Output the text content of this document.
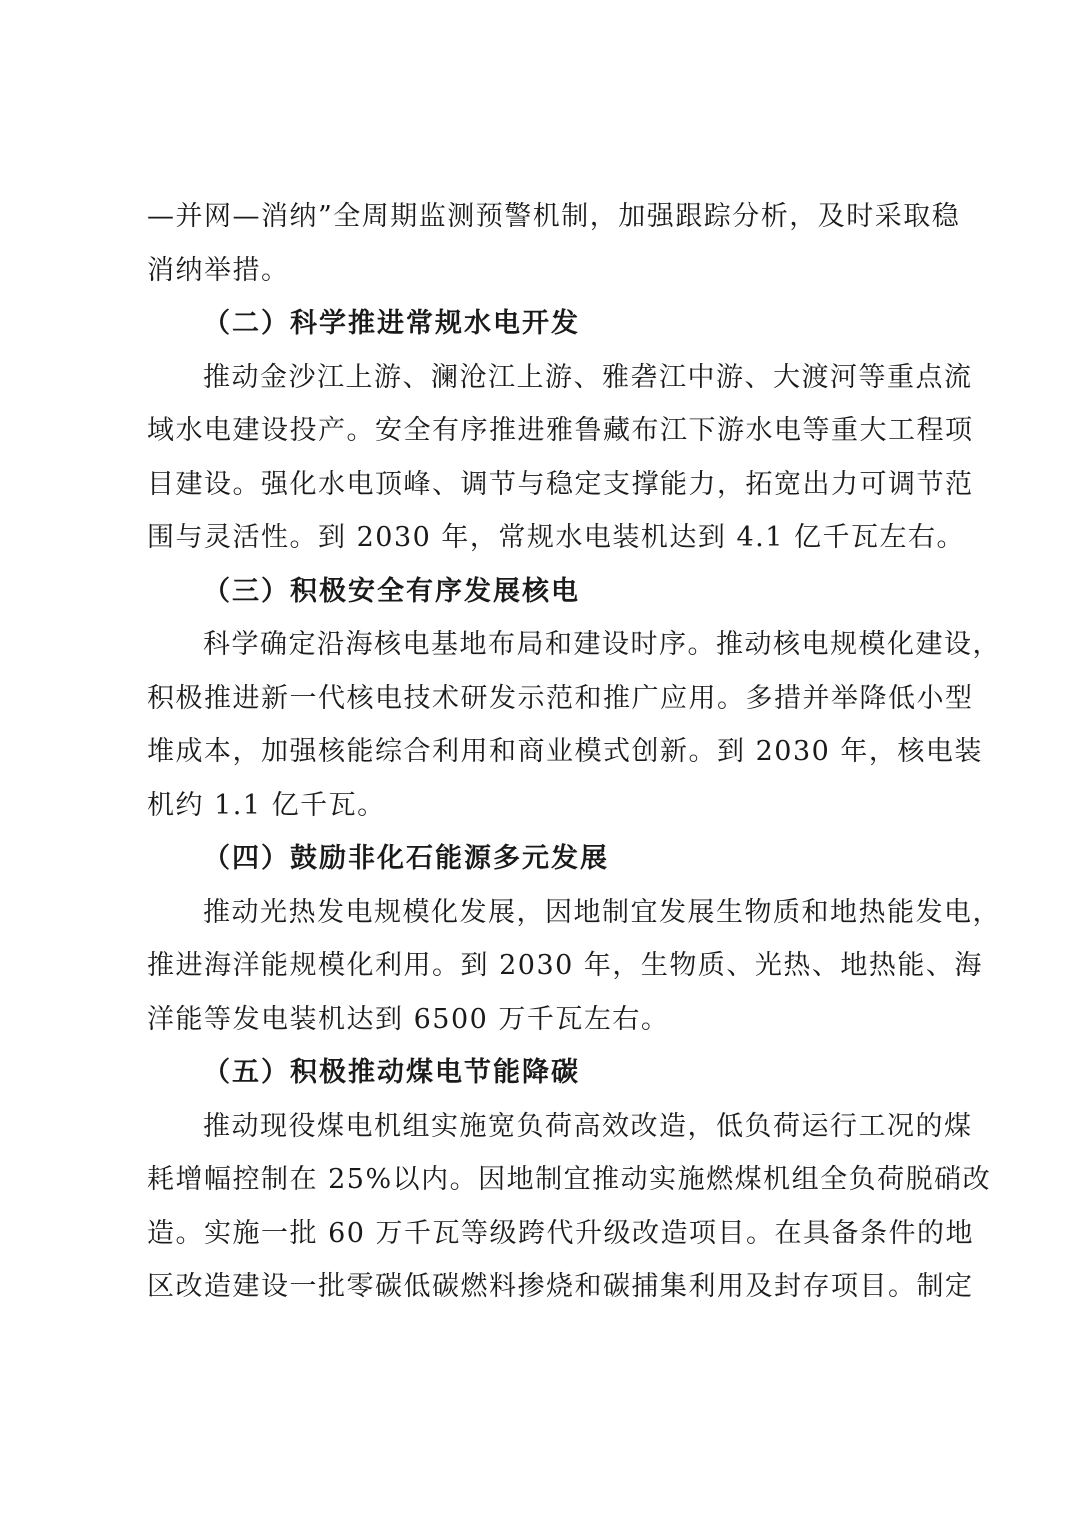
—并网—消纳”全周期监测预警机制，加强跟踪分析，及时采取稳
消纳举措。
（二）科学推进常规水电开发
推动金沙江上游、澜沧江上游、雅砻江中游、大渡河等重点流
域水电建设投产。安全有序推进雅鲁藏布江下游水电等重大工程项
目建设。强化水电顶峰、调节与稳定支撑能力，拓宽出力可调节范
围与灵活性。到 2030 年，常规水电装机达到 4.1 亿千瓦左右。
（三）积极安全有序发展核电
科学确定沿海核电基地布局和建设时序。推动核电规模化建设，
积极推进新一代核电技术研发示范和推广应用。多措并举降低小型
堆成本，加强核能综合利用和商业模式创新。到 2030 年，核电装
机约 1.1 亿千瓦。
（四）鼓励非化石能源多元发展
推动光热发电规模化发展，因地制宜发展生物质和地热能发电，
推进海洋能规模化利用。到 2030 年，生物质、光热、地热能、海
洋能等发电装机达到 6500 万千瓦左右。
（五）积极推动煤电节能降碳
推动现役煤电机组实施宽负荷高效改造，低负荷运行工况的煤
耗增幅控制在 25%以内。因地制宜推动实施燃煤机组全负荷脱硝改
造。实施一批 60 万千瓦等级跨代升级改造项目。在具备条件的地
区改造建设一批零碳低碳燃料掺烧和碳捕集利用及封存项目。制定
